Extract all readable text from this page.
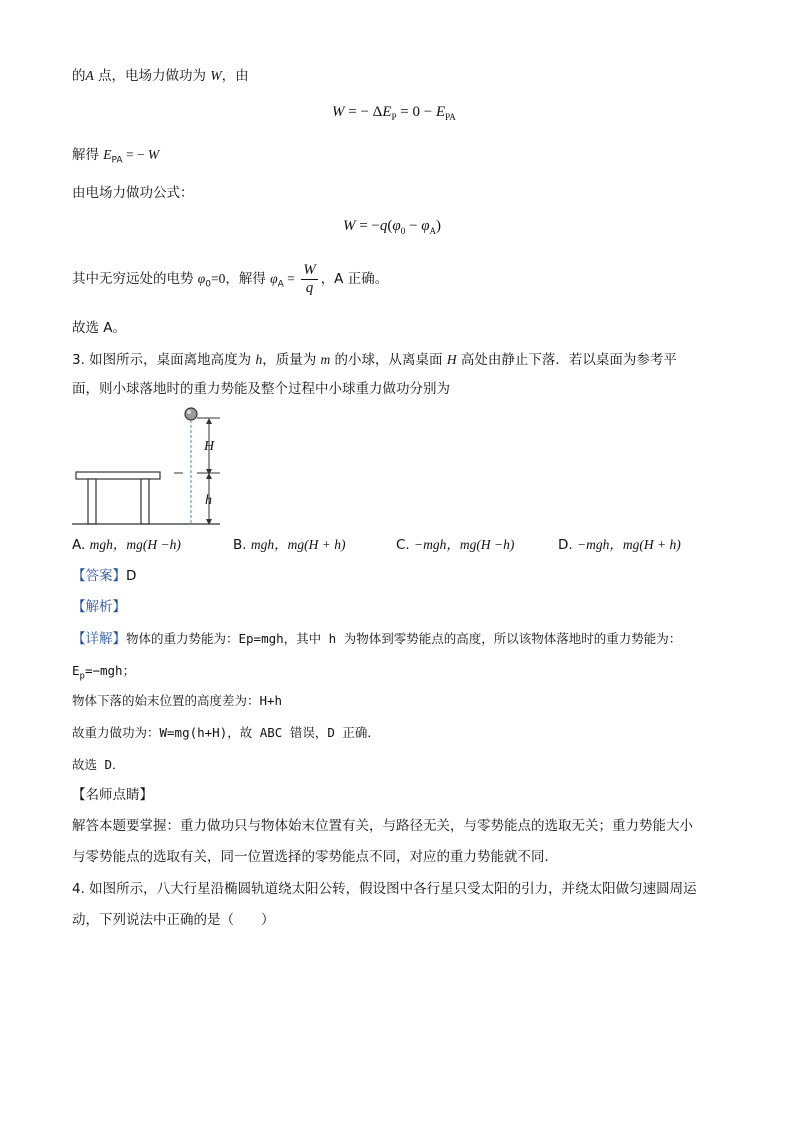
的A 点，电场力做功为 W，由
W = − $\Delta E_P = 0 - E_{PA}$
解得 $E_{PA}$ = − W
由电场力做功公式：
$W = -q(\varphi_0 - \varphi_A)$
其中无穷远处的电势 $\varphi_0=0$，解得 $\varphi_A = \frac{W}{q}$ ，A 正确。
故选 A。
3. 如图所示，桌面离地高度为 h，质量为 m 的小球，从离桌面 H 高处由静止下落．若以桌面为参考平
面，则小球落地时的重力势能及整个过程中小球重力做功分别为
H
h
A. mgh，mg(H −h)	B. mgh，mg(H + h)	C. −mgh，mg(H −h)	D. −mgh，mg(H + h)
【答案】D
【解析】
【详解】物体的重力势能为：Ep=mgh，其中 h 为物体到零势能点的高度，所以该物体落地时的重力势能为：
$E_p=-mgh$；
物体下落的始末位置的高度差为：H+h
故重力做功为：W=mg(h+H)，故 ABC 错误，D 正确．
故选 D．
【名师点睛】
解答本题要掌握：重力做功只与物体始末位置有关，与路径无关，与零势能点的选取无关；重力势能大小
与零势能点的选取有关，同一位置选择的零势能点不同，对应的重力势能就不同．
4. 如图所示，八大行星沿椭圆轨道绕太阳公转，假设图中各行星只受太阳的引力，并绕太阳做匀速圆周运
动，下列说法中正确的是（　　）
